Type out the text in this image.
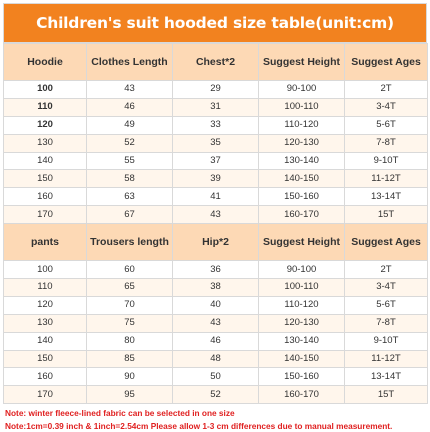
Children's suit hooded size table(unit:cm)
Hoodie	Clothes Length	Chest*2	Suggest Height	Suggest Ages
100	43	29	90-100	2T
110	46	31	100-110	3-4T
120	49	33	110-120	5-6T
130	52	35	120-130	7-8T
140	55	37	130-140	9-10T
150	58	39	140-150	11-12T
160	63	41	150-160	13-14T
170	67	43	160-170	15T
pants	Trousers length	Hip*2	Suggest Height	Suggest Ages
100	60	36	90-100	2T
110	65	38	100-110	3-4T
120	70	40	110-120	5-6T
130	75	43	120-130	7-8T
140	80	46	130-140	9-10T
150	85	48	140-150	11-12T
160	90	50	150-160	13-14T
170	95	52	160-170	15T
Note: winter fleece-lined fabric can be selected in one size
Note:1cm=0.39 inch & 1inch=2.54cm Please allow 1-3 cm differences due to manual measurement.
